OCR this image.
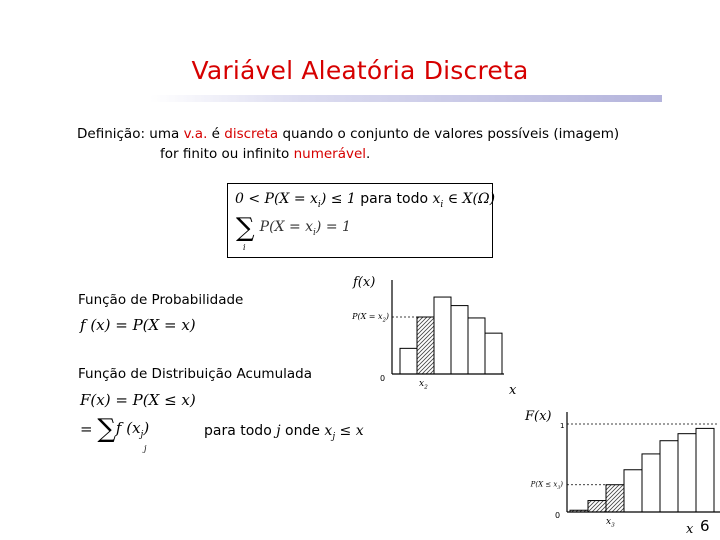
Variável Aleatória Discreta
Definição: uma v.a. é discreta quando o conjunto de valores possíveis (imagem)
for finito ou infinito numerável.
$0 < P(X = x_i) \le 1$ para todo $x_i$ ∈ X(Ω)
∑ $P(X = x_i) = 1$
i
Função de Probabilidade
f (x) = P(X = x)
Função de Distribuição Acumulada
F(x) = P(X ≤ x)
= ∑f $(x_j)$
j
para todo j onde $x_j \le x$
6
0
f(x)
x
$P(X = x_2)$
$x_2$
0
F(x)
1
x
$P(X \le x_3)$
$x_3$
